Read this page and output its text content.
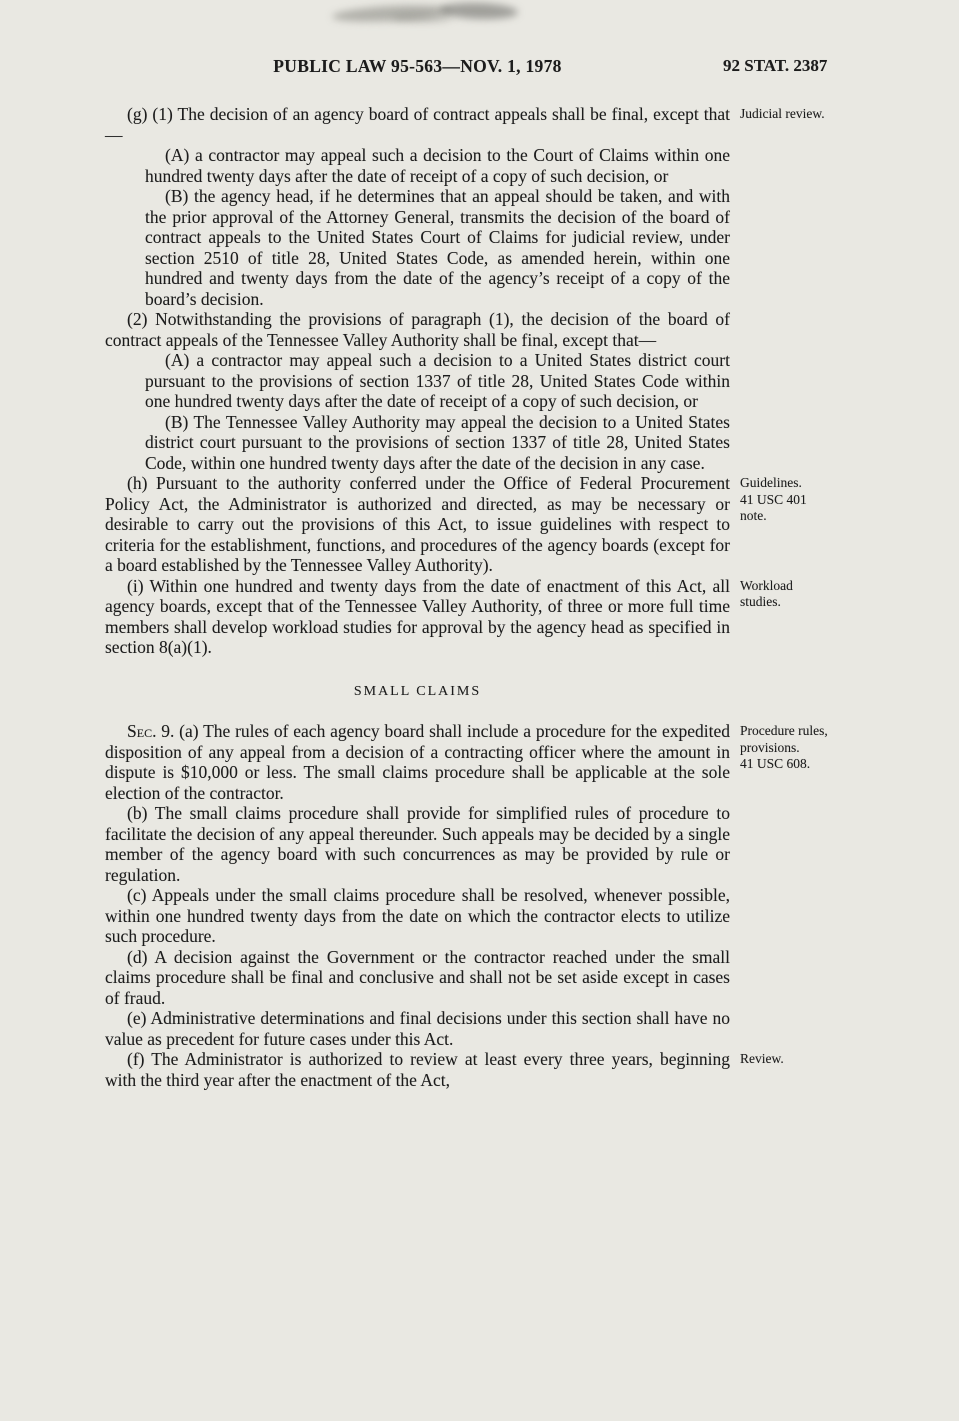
PUBLIC LAW 95-563—NOV. 1, 1978	92 STAT. 2387

(g) (1) The decision of an agency board of contract appeals shall be final, except that—

Judicial review.

(A) a contractor may appeal such a decision to the Court of Claims within one hundred twenty days after the date of receipt of a copy of such decision, or

(B) the agency head, if he determines that an appeal should be taken, and with the prior approval of the Attorney General, transmits the decision of the board of contract appeals to the United States Court of Claims for judicial review, under section 2510 of title 28, United States Code, as amended herein, within one hundred and twenty days from the date of the agency’s receipt of a copy of the board’s decision.

(2) Notwithstanding the provisions of paragraph (1), the decision of the board of contract appeals of the Tennessee Valley Authority shall be final, except that—

(A) a contractor may appeal such a decision to a United States district court pursuant to the provisions of section 1337 of title 28, United States Code within one hundred twenty days after the date of receipt of a copy of such decision, or

(B) The Tennessee Valley Authority may appeal the decision to a United States district court pursuant to the provisions of section 1337 of title 28, United States Code, within one hundred twenty days after the date of the decision in any case.

(h) Pursuant to the authority conferred under the Office of Federal Procurement Policy Act, the Administrator is authorized and directed, as may be necessary or desirable to carry out the provisions of this Act, to issue guidelines with respect to criteria for the establishment, functions, and procedures of the agency boards (except for a board established by the Tennessee Valley Authority).

Guidelines.
41 USC 401
note.

(i) Within one hundred and twenty days from the date of enactment of this Act, all agency boards, except that of the Tennessee Valley Authority, of three or more full time members shall develop workload studies for approval by the agency head as specified in section 8(a)(1).

Workload
studies.
SMALL CLAIMS

Sec. 9. (a) The rules of each agency board shall include a procedure for the expedited disposition of any appeal from a decision of a contracting officer where the amount in dispute is $10,000 or less. The small claims procedure shall be applicable at the sole election of the contractor.

Procedure rules,
provisions.
41 USC 608.

(b) The small claims procedure shall provide for simplified rules of procedure to facilitate the decision of any appeal thereunder. Such appeals may be decided by a single member of the agency board with such concurrences as may be provided by rule or regulation.

(c) Appeals under the small claims procedure shall be resolved, whenever possible, within one hundred twenty days from the date on which the contractor elects to utilize such procedure.

(d) A decision against the Government or the contractor reached under the small claims procedure shall be final and conclusive and shall not be set aside except in cases of fraud.

(e) Administrative determinations and final decisions under this section shall have no value as precedent for future cases under this Act.

(f) The Administrator is authorized to review at least every three years, beginning with the third year after the enactment of the Act,

Review.
